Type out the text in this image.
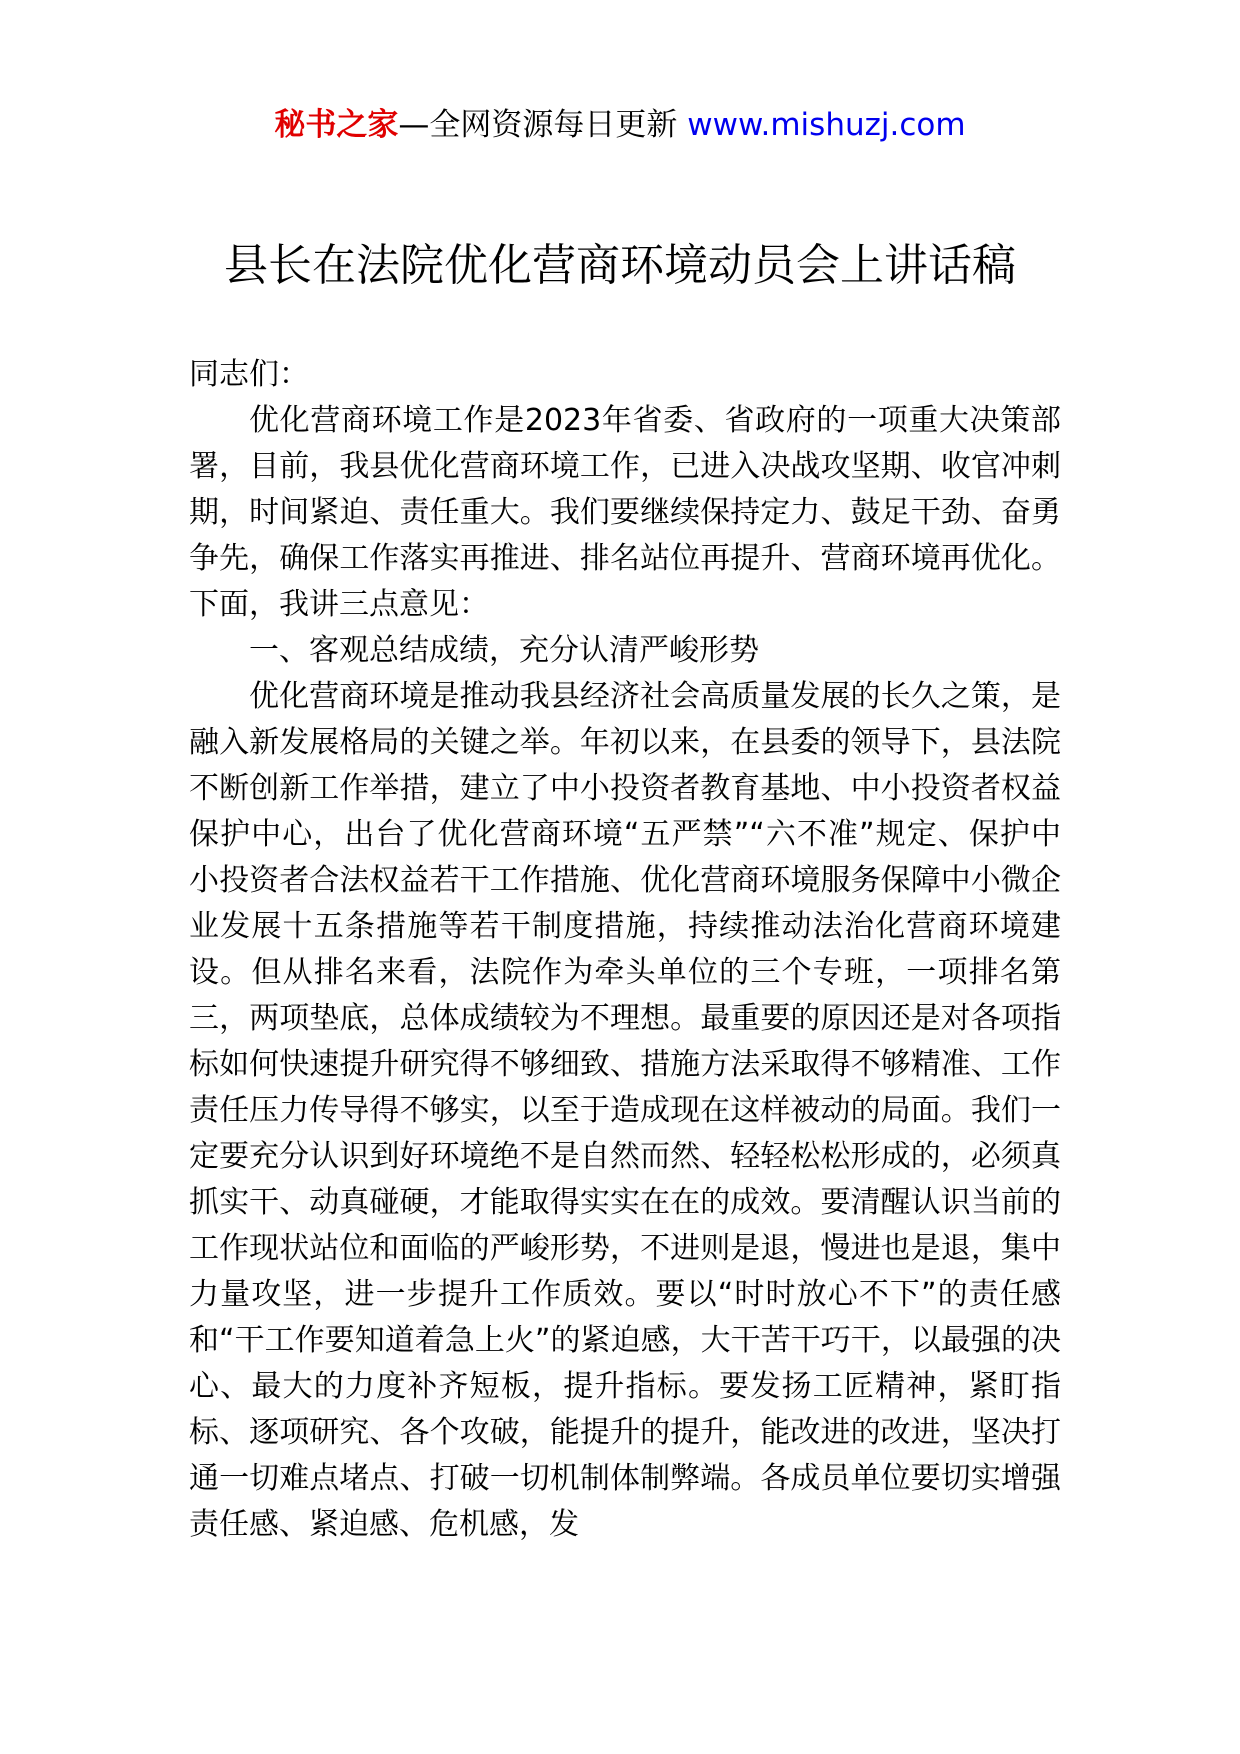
秘书之家—全网资源每日更新 www.mishuzj.com
县长在法院优化营商环境动员会上讲话稿

同志们：

优化营商环境工作是2023年省委、省政府的一项重大决策部署，目前，我县优化营商环境工作，已进入决战攻坚期、收官冲刺期，时间紧迫、责任重大。我们要继续保持定力、鼓足干劲、奋勇争先，确保工作落实再推进、排名站位再提升、营商环境再优化。下面，我讲三点意见：

一、客观总结成绩，充分认清严峻形势

优化营商环境是推动我县经济社会高质量发展的长久之策，是融入新发展格局的关键之举。年初以来，在县委的领导下，县法院不断创新工作举措，建立了中小投资者教育基地、中小投资者权益保护中心，出台了优化营商环境“五严禁”“六不准”规定、保护中小投资者合法权益若干工作措施、优化营商环境服务保障中小微企业发展十五条措施等若干制度措施，持续推动法治化营商环境建设。但从排名来看，法院作为牵头单位的三个专班，一项排名第三，两项垫底，总体成绩较为不理想。最重要的原因还是对各项指标如何快速提升研究得不够细致、措施方法采取得不够精准、工作责任压力传导得不够实，以至于造成现在这样被动的局面。我们一定要充分认识到好环境绝不是自然而然、轻轻松松形成的，必须真抓实干、动真碰硬，才能取得实实在在的成效。要清醒认识当前的工作现状站位和面临的严峻形势，不进则是退，慢进也是退，集中力量攻坚，进一步提升工作质效。要以“时时放心不下”的责任感和“干工作要知道着急上火”的紧迫感，大干苦干巧干，以最强的决心、最大的力度补齐短板，提升指标。要发扬工匠精神，紧盯指标、逐项研究、各个攻破，能提升的提升，能改进的改进，坚决打通一切难点堵点、打破一切机制体制弊端。各成员单位要切实增强责任感、紧迫感、危机感，发
